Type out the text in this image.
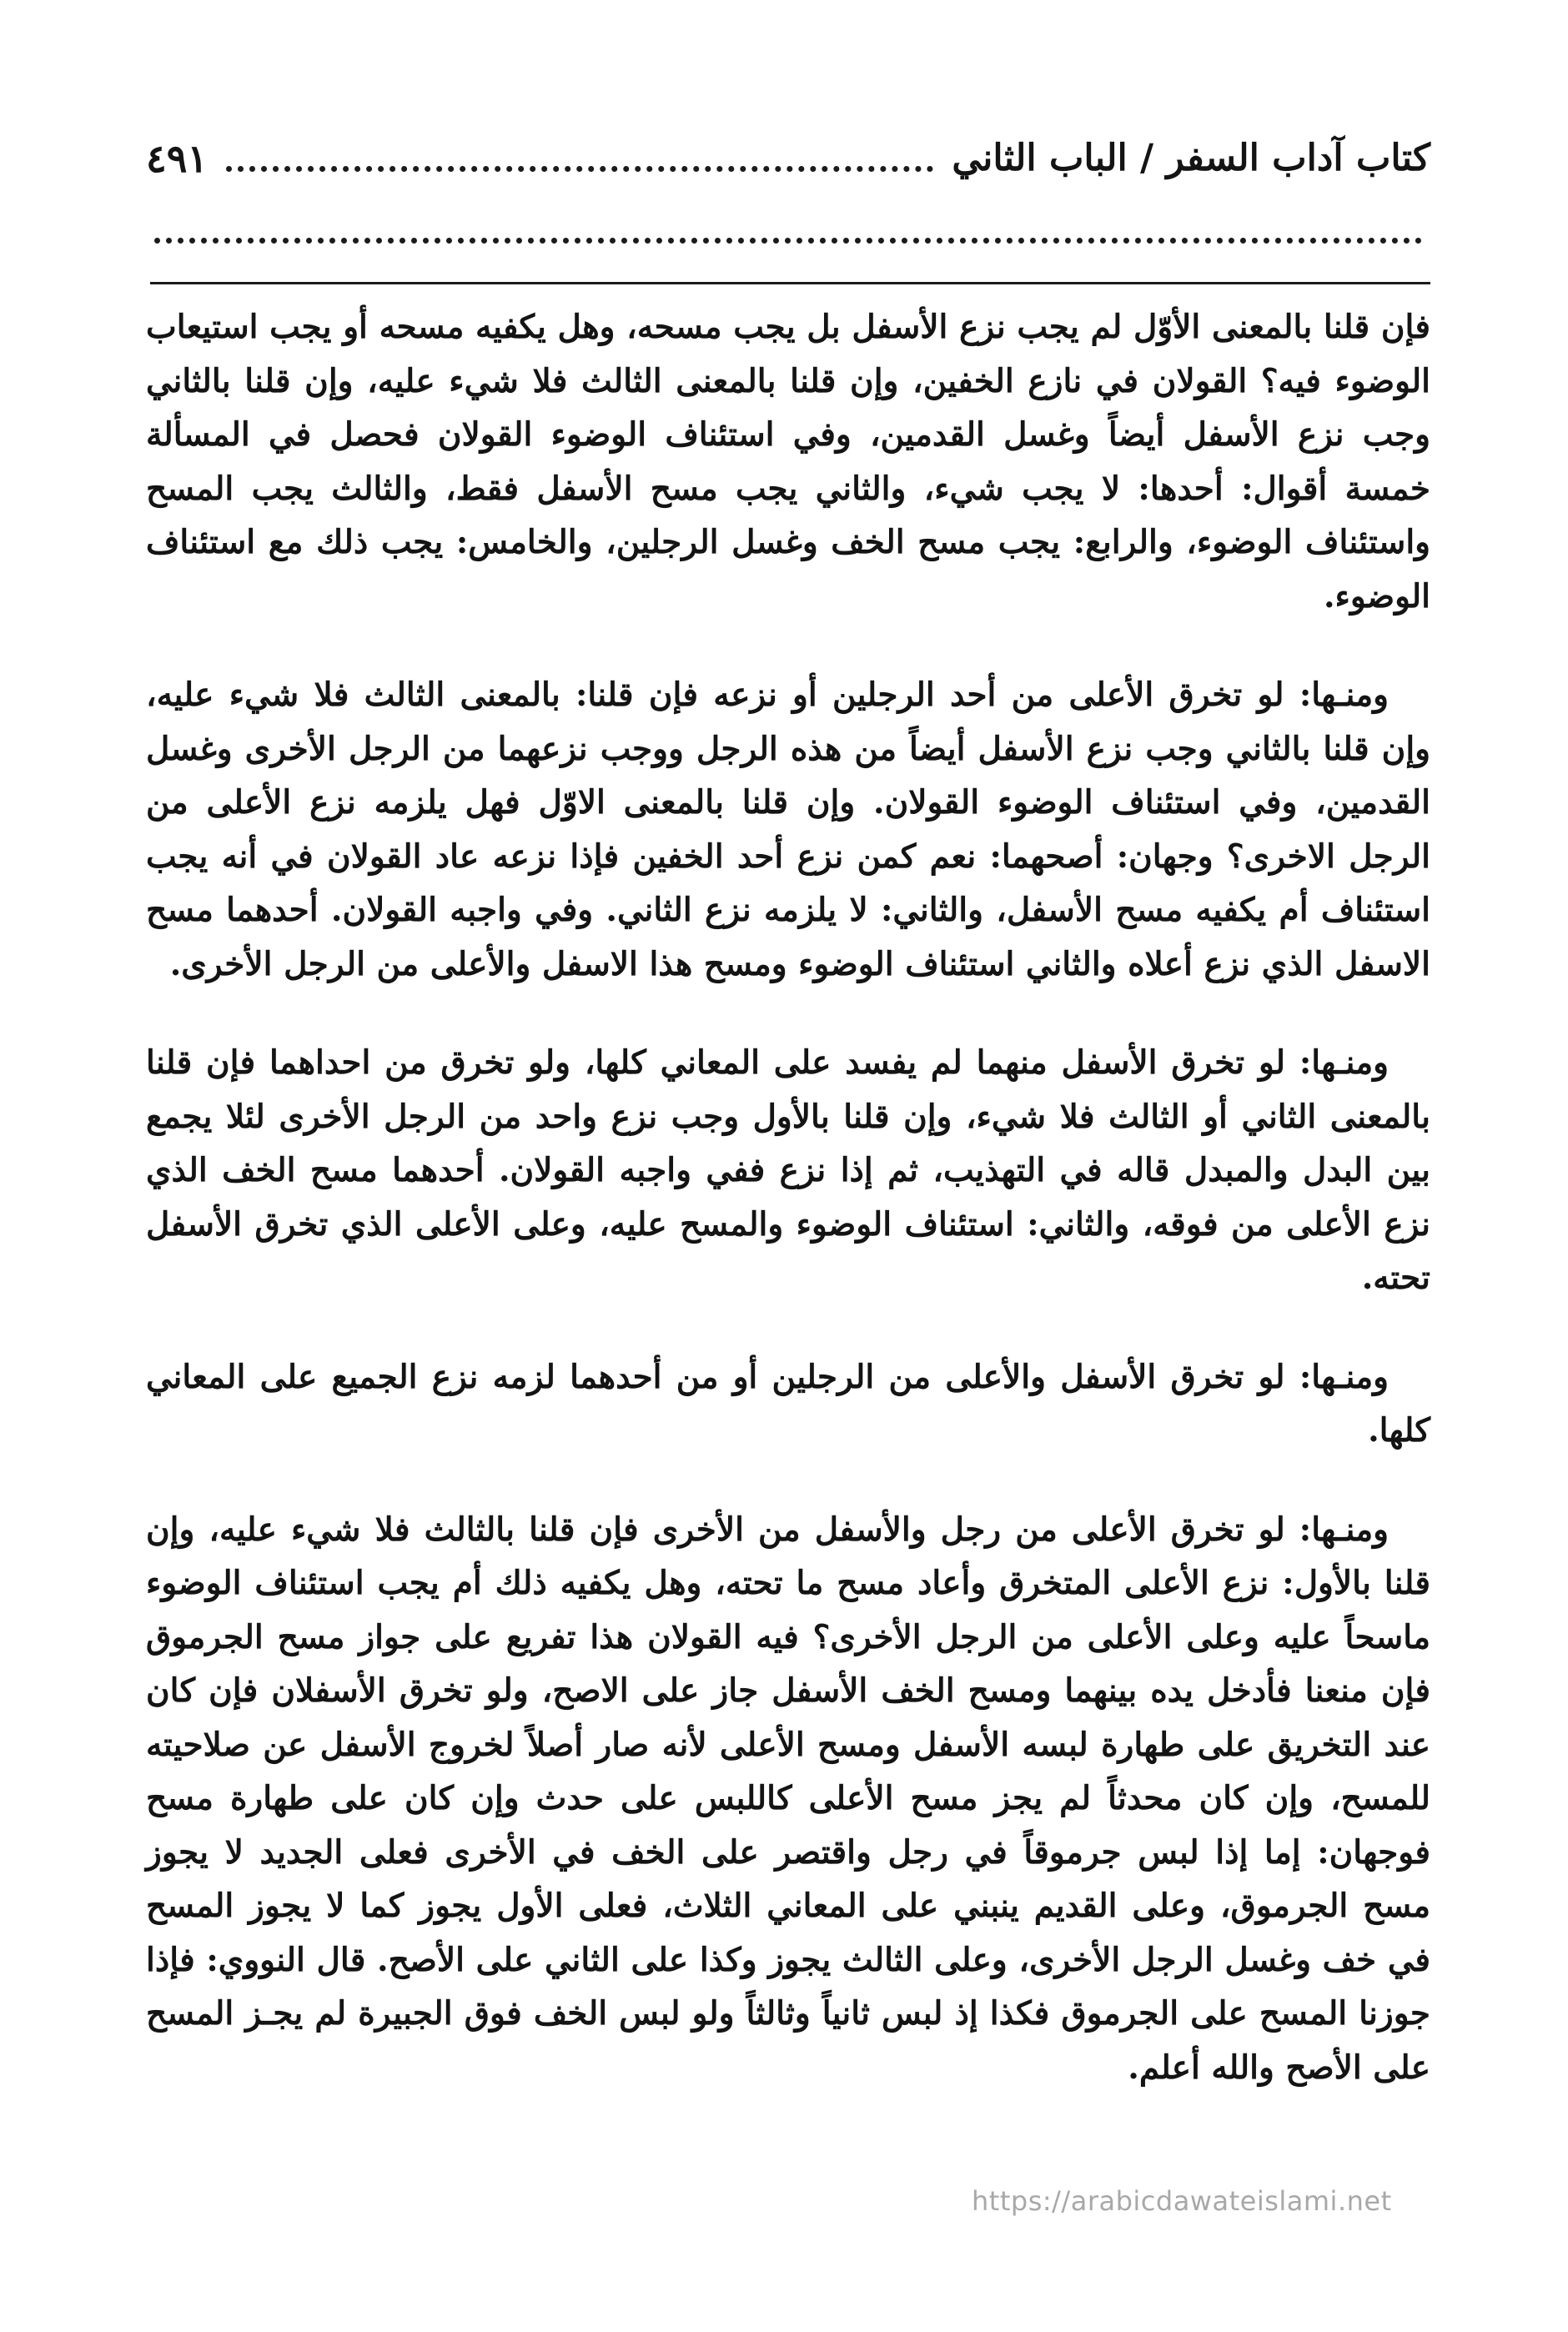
كتاب آداب السفر / الباب الثاني
٤٩١

فإن قلنا بالمعنى الأوّل لم يجب نزع الأسفل بل يجب مسحه، وهل يكفيه مسحه أو يجب استيعاب الوضوء فيه؟ القولان في نازع الخفين، وإن قلنا بالمعنى الثالث فلا شيء عليه، وإن قلنا بالثاني وجب نزع الأسفل أيضاً وغسل القدمين، وفي استئناف الوضوء القولان فحصل في المسألة خمسة أقوال: أحدها: لا يجب شيء، والثاني يجب مسح الأسفل فقط، والثالث يجب المسح واستئناف الوضوء، والرابع: يجب مسح الخف وغسل الرجلين، والخامس: يجب ذلك مع استئناف الوضوء.

ومنـها: لو تخرق الأعلى من أحد الرجلين أو نزعه فإن قلنا: بالمعنى الثالث فلا شيء عليه، وإن قلنا بالثاني وجب نزع الأسفل أيضاً من هذه الرجل ووجب نزعهما من الرجل الأخرى وغسل القدمين، وفي استئناف الوضوء القولان. وإن قلنا بالمعنى الاوّل فهل يلزمه نزع الأعلى من الرجل الاخرى؟ وجهان: أصحهما: نعم كمن نزع أحد الخفين فإذا نزعه عاد القولان في أنه يجب استئناف أم يكفيه مسح الأسفل، والثاني: لا يلزمه نزع الثاني. وفي واجبه القولان. أحدهما مسح الاسفل الذي نزع أعلاه والثاني استئناف الوضوء ومسح هذا الاسفل والأعلى من الرجل الأخرى.

ومنـها: لو تخرق الأسفل منهما لم يفسد على المعاني كلها، ولو تخرق من احداهما فإن قلنا بالمعنى الثاني أو الثالث فلا شيء، وإن قلنا بالأول وجب نزع واحد من الرجل الأخرى لئلا يجمع بين البدل والمبدل قاله في التهذيب، ثم إذا نزع ففي واجبه القولان. أحدهما مسح الخف الذي نزع الأعلى من فوقه، والثاني: استئناف الوضوء والمسح عليه، وعلى الأعلى الذي تخرق الأسفل تحته.

ومنـها: لو تخرق الأسفل والأعلى من الرجلين أو من أحدهما لزمه نزع الجميع على المعاني كلها.

ومنـها: لو تخرق الأعلى من رجل والأسفل من الأخرى فإن قلنا بالثالث فلا شيء عليه، وإن قلنا بالأول: نزع الأعلى المتخرق وأعاد مسح ما تحته، وهل يكفيه ذلك أم يجب استئناف الوضوء ماسحاً عليه وعلى الأعلى من الرجل الأخرى؟ فيه القولان هذا تفريع على جواز مسح الجرموق فإن منعنا فأدخل يده بينهما ومسح الخف الأسفل جاز على الاصح، ولو تخرق الأسفلان فإن كان عند التخريق على طهارة لبسه الأسفل ومسح الأعلى لأنه صار أصلاً لخروج الأسفل عن صلاحيته للمسح، وإن كان محدثاً لم يجز مسح الأعلى كاللبس على حدث وإن كان على طهارة مسح فوجهان: إما إذا لبس جرموقاً في رجل واقتصر على الخف في الأخرى فعلى الجديد لا يجوز مسح الجرموق، وعلى القديم ينبني على المعاني الثلاث، فعلى الأول يجوز كما لا يجوز المسح في خف وغسل الرجل الأخرى، وعلى الثالث يجوز وكذا على الثاني على الأصح. قال النووي: فإذا جوزنا المسح على الجرموق فكذا إذ لبس ثانياً وثالثاً ولو لبس الخف فوق الجبيرة لم يجـز المسح على الأصح والله أعلم.

https://arabicdawateislami.net
